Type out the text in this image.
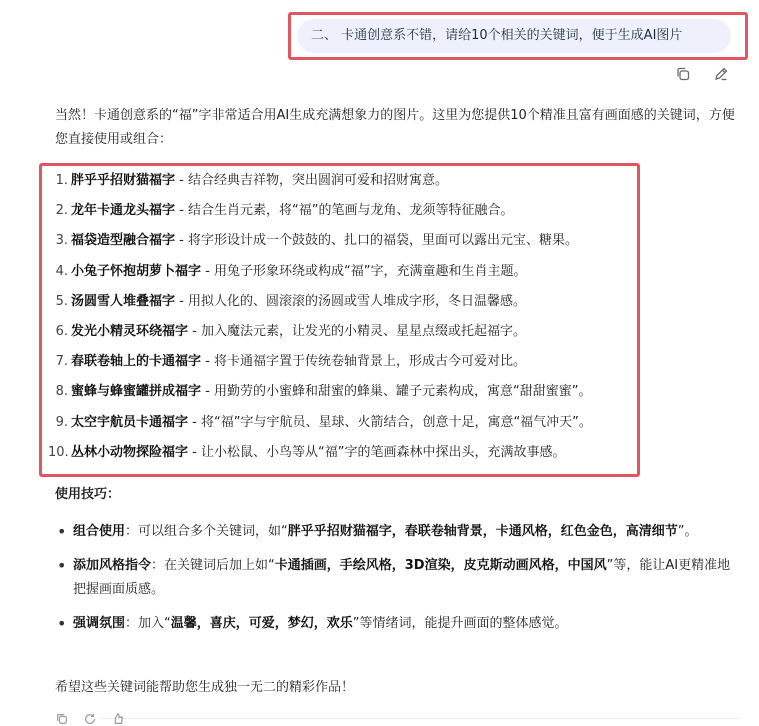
二、 卡通创意系不错，请给10个相关的关键词，便于生成AI图片
当然！卡通创意系的“福”字非常适合用AI生成充满想象力的图片。这里为您提供10个精准且富有画面感的关键词，方便您直接使用或组合：
1. 胖乎乎招财猫福字 - 结合经典吉祥物，突出圆润可爱和招财寓意。
2. 龙年卡通龙头福字 - 结合生肖元素，将“福”的笔画与龙角、龙须等特征融合。
3. 福袋造型融合福字 - 将字形设计成一个鼓鼓的、扎口的福袋，里面可以露出元宝、糖果。
4. 小兔子怀抱胡萝卜福字 - 用兔子形象环绕或构成“福”字，充满童趣和生肖主题。
5. 汤圆雪人堆叠福字 - 用拟人化的、圆滚滚的汤圆或雪人堆成字形，冬日温馨感。
6. 发光小精灵环绕福字 - 加入魔法元素，让发光的小精灵、星星点缀或托起福字。
7. 春联卷轴上的卡通福字 - 将卡通福字置于传统卷轴背景上，形成古今可爱对比。
8. 蜜蜂与蜂蜜罐拼成福字 - 用勤劳的小蜜蜂和甜蜜的蜂巢、罐子元素构成，寓意“甜甜蜜蜜”。
9. 太空宇航员卡通福字 - 将“福”字与宇航员、星球、火箭结合，创意十足，寓意“福气冲天”。
10. 丛林小动物探险福字 - 让小松鼠、小鸟等从“福”字的笔画森林中探出头，充满故事感。
使用技巧：
• 组合使用：可以组合多个关键词，如“胖乎乎招财猫福字，春联卷轴背景，卡通风格，红色金色，高清细节”。
• 添加风格指令：在关键词后加上如“卡通插画，手绘风格，3D渲染，皮克斯动画风格，中国风”等，能让AI更精准地把握画面质感。
• 强调氛围：加入“温馨，喜庆，可爱，梦幻，欢乐”等情绪词，能提升画面的整体感觉。
希望这些关键词能帮助您生成独一无二的精彩作品！
